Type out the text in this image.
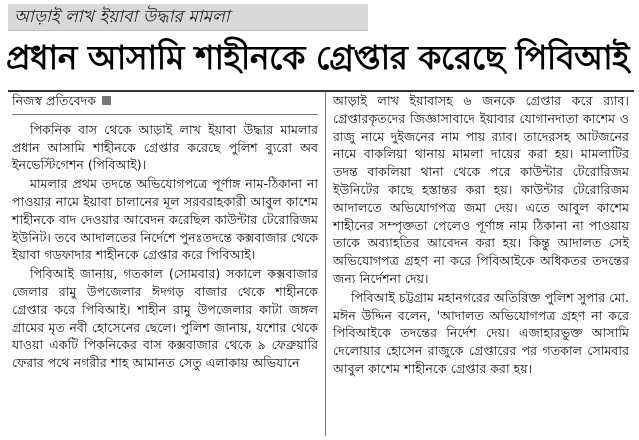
আড়াই লাখ ইয়াবা উদ্ধার মামলা
প্রধান আসামি শাহীনকে গ্রেপ্তার করেছে পিবিআই
নিজস্ব প্রতিবেদক

পিকনিক বাস থেকে আড়াই লাখ ইয়াবা উদ্ধার মামলার প্রধান আসামি শাহীনকে গ্রেপ্তার করেছে পুলিশ ব্যুরো অব ইনভেস্টিগেশন (পিবিআই)।

মামলার প্রথম তদন্তে অভিযোগপত্রে পূর্ণাঙ্গ নাম-ঠিকানা না পাওয়ার নামে ইয়াবা চালানের মূল সরবরাহকারী আবুল কাশেম শাহীনকে বাদ দেওয়ার আবেদন করেছিল কাউন্টার টেরোরিজম ইউনিট। তবে আদালতের নির্দেশে পুনঃতদন্তে কক্সবাজার থেকে ইয়াবা গডফাদার শাহীনকে গ্রেপ্তার করে পিবিআই।

পিবিআই জানায়, গতকাল (সোমবার) সকালে কক্সবাজার জেলার রামু উপজেলার ঈদগড় বাজার থেকে শাহীনকে গ্রেপ্তার করে পিবিআই। শাহীন রামু উপজেলার কাটা জঙ্গল গ্রামের মৃত নবী হোসেনের ছেলে। পুলিশ জানায়, যশোর থেকে যাওয়া একটি পিকনিকের বাস কক্সবাজার থেকে ৯ ফেব্রুয়ারি ফেরার পথে নগরীর শাহ আমানত সেতু এলাকায় অভিযানে

আড়াই লাখ ইয়াবাসহ ৬ জনকে গ্রেপ্তার করে র‍্যাব। গ্রেপ্তারকৃতদের জিজ্ঞাসাবাদে ইয়াবার যোগানদাতা কাশেম ও রাজু নামে দুইজনের নাম পায় র‍্যাব। তাদেরসহ আটজনের নামে বাকলিয়া থানায় মামলা দায়ের করা হয়। মামলাটির তদন্ত বাকলিয়া থানা থেকে পরে কাউন্টার টেরোরিজম ইউনিটের কাছে হস্তান্তর করা হয়। কাউন্টার টেরোরিজম আদালতে অভিযোগপত্র জমা দেয়। এতে আবুল কাশেম শাহীনের সম্পৃক্ততা পেলেও পূর্ণাঙ্গ নাম ঠিকানা না পাওয়ায় তাকে অব্যাহতির আবেদন করা হয়। কিন্তু আদালত সেই অভিযোগপত্র গ্রহণ না করে পিবিআইকে অধিকতর তদন্তের জন্য নির্দেশনা দেয়।

পিবিআই চট্টগ্রাম মহানগরের অতিরিক্ত পুলিশ সুপার মো. মঈন উদ্দিন বলেন, 'আদালত অভিযোগপত্র গ্রহণ না করে পিবিআইকে তদন্তের নির্দেশ দেয়। এজাহারভুক্ত আসামি দেলোয়ার হোসেন রাজুকে গ্রেপ্তারের পর গতকাল সোমবার আবুল কাশেম শাহীনকে গ্রেপ্তার করা হয়।
